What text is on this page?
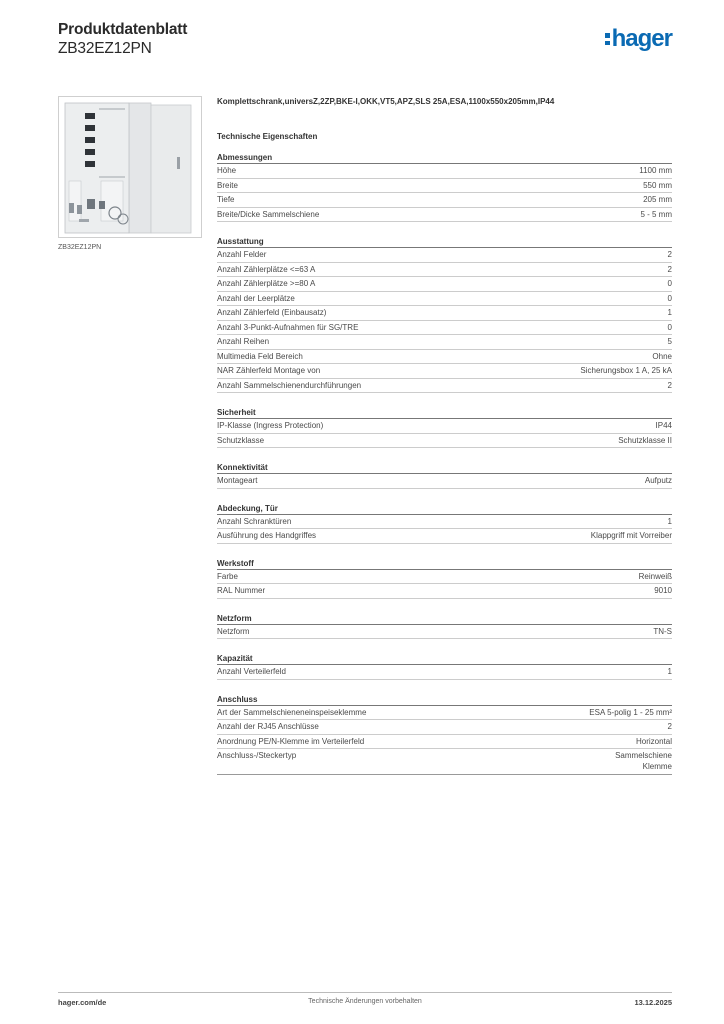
Produktdatenblatt
ZB32EZ12PN	hager
ZB32EZ12PN
Komplettschrank,universZ,2ZP,BKE-I,OKK,VT5,APZ,SLS 25A,ESA,1100x550x205mm,IP44
Technische Eigenschaften
Abmessungen
Höhe	1100 mm
Breite	550 mm
Tiefe	205 mm
Breite/Dicke Sammelschiene	5 - 5 mm
Ausstattung
Anzahl Felder	2
Anzahl Zählerplätze <=63 A	2
Anzahl Zählerplätze >=80 A	0
Anzahl der Leerplätze	0
Anzahl Zählerfeld (Einbausatz)	1
Anzahl 3-Punkt-Aufnahmen für SG/TRE	0
Anzahl Reihen	5
Multimedia Feld Bereich	Ohne
NAR Zählerfeld Montage von	Sicherungsbox 1 A, 25 kA
Anzahl Sammelschienendurchführungen	2
Sicherheit
IP-Klasse (Ingress Protection)	IP44
Schutzklasse	Schutzklasse II
Konnektivität
Montageart	Aufputz
Abdeckung, Tür
Anzahl Schranktüren	1
Ausführung des Handgriffes	Klappgriff mit Vorreiber
Werkstoff
Farbe	Reinweiß
RAL Nummer	9010
Netzform
Netzform	TN-S
Kapazität
Anzahl Verteilerfeld	1
Anschluss
Art der Sammelschieneneinspeiseklemme	ESA 5-polig 1 - 25 mm²
Anzahl der RJ45 Anschlüsse	2
Anordnung PE/N-Klemme im Verteilerfeld	Horizontal
Anschluss-/Steckertyp	Sammelschiene
Klemme
hager.com/de	Technische Änderungen vorbehalten	13.12.2025
